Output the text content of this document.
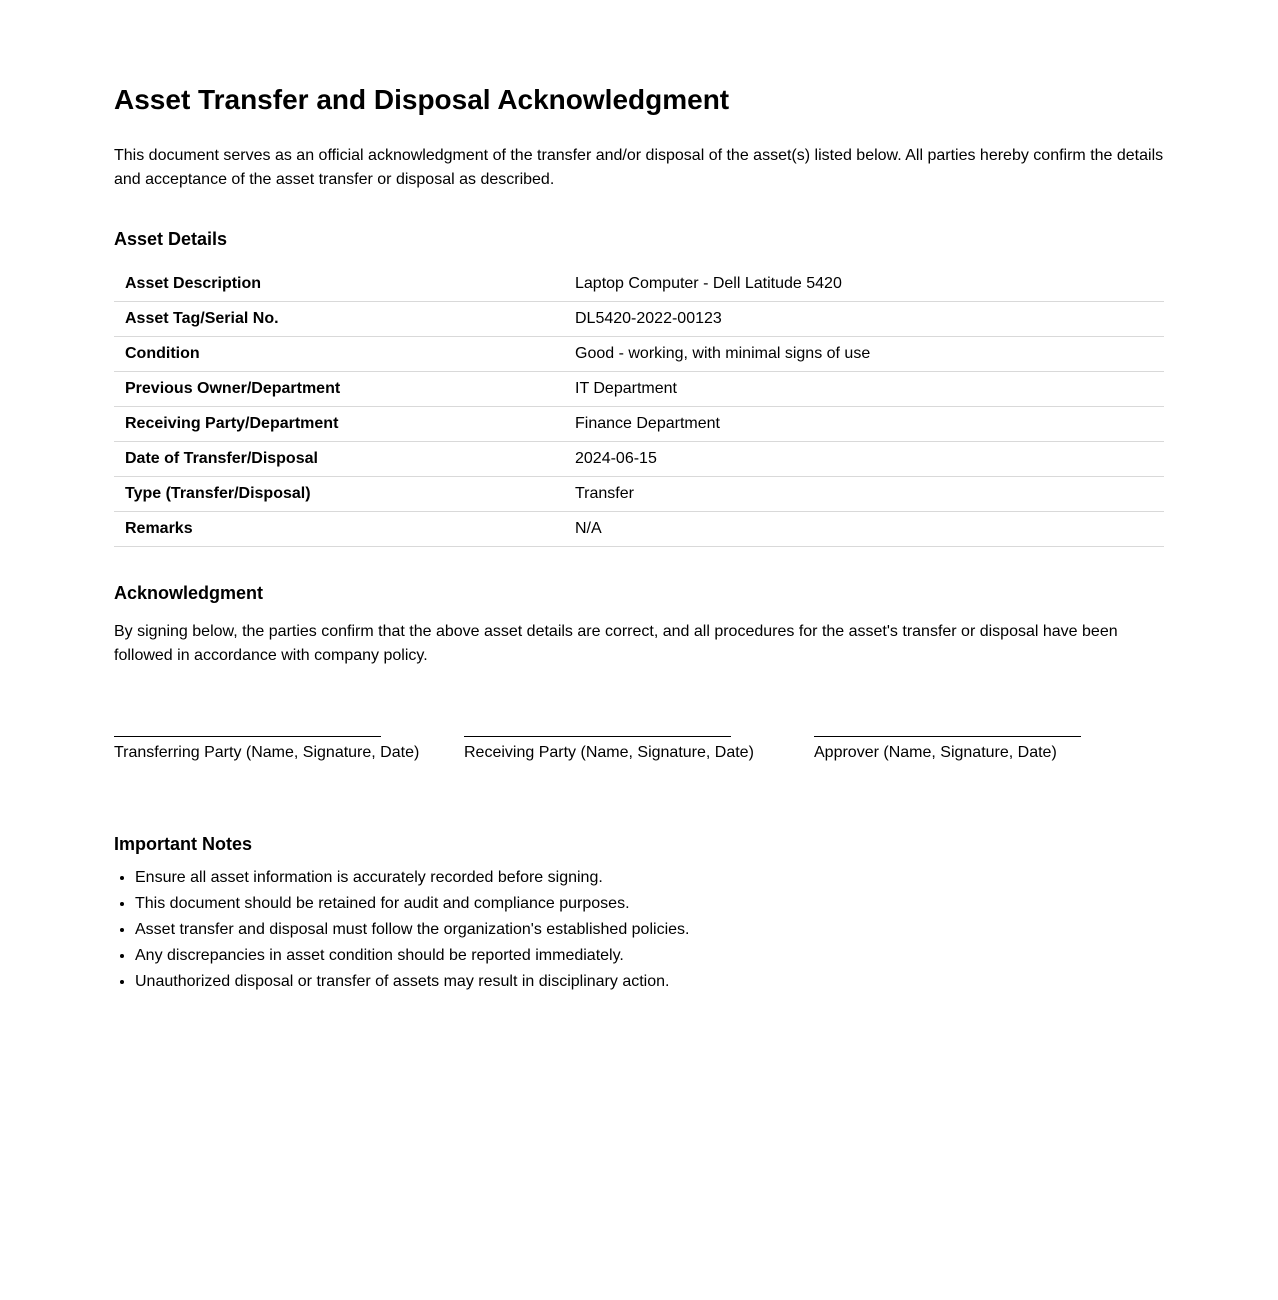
Asset Transfer and Disposal Acknowledgment

This document serves as an official acknowledgment of the transfer and/or disposal of the asset(s) listed below. All parties hereby confirm the details and acceptance of the asset transfer or disposal as described.

Asset Details
Asset Description	Laptop Computer - Dell Latitude 5420
Asset Tag/Serial No.	DL5420-2022-00123
Condition	Good - working, with minimal signs of use
Previous Owner/Department	IT Department
Receiving Party/Department	Finance Department
Date of Transfer/Disposal	2024-06-15
Type (Transfer/Disposal)	Transfer
Remarks	N/A
Acknowledgment

By signing below, the parties confirm that the above asset details are correct, and all procedures for the asset's transfer or disposal have been followed in accordance with company policy.

Transferring Party (Name, Signature, Date)	Receiving Party (Name, Signature, Date)	Approver (Name, Signature, Date)
Important Notes
• Ensure all asset information is accurately recorded before signing.
• This document should be retained for audit and compliance purposes.
• Asset transfer and disposal must follow the organization's established policies.
• Any discrepancies in asset condition should be reported immediately.
• Unauthorized disposal or transfer of assets may result in disciplinary action.
